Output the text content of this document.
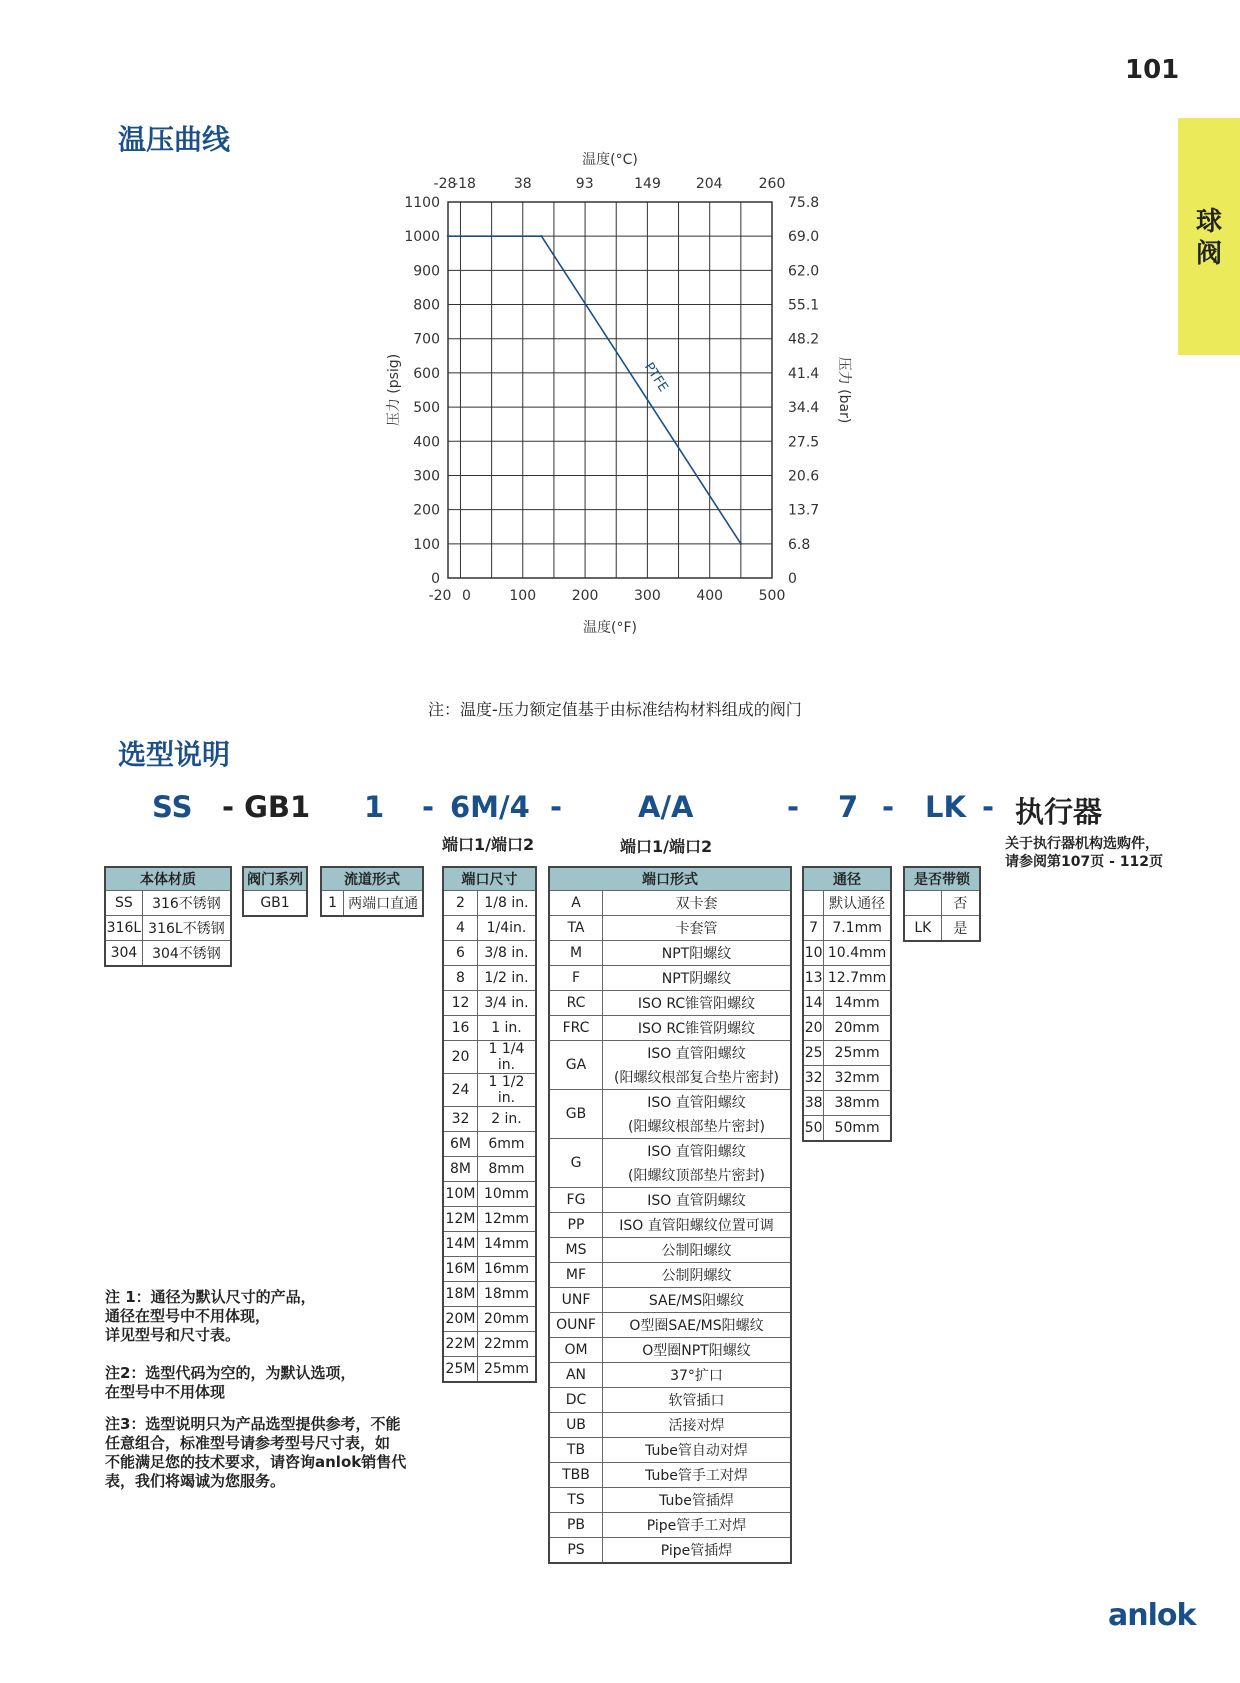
101
球阀
温压曲线
0
100
200
300
400
500
600
700
800
900
1000
1100
0
6.8
13.7
20.6
27.5
34.4
41.4
48.2
55.1
62.0
69.0
75.8
-20 0	100	200	300	400	500
-28
-18	38	93	149 204	260
温度(°C)
温度(°F)
压力 (psig)	压力 (bar)
PTFE
注：温度-压力额定值基于由标准结构材料组成的阀门
选型说明
SS - GB1 1 - 6M/4 -	A/A	- 7 - LK - 执行器
端口1/端口2	端口1/端口2	关于执行器机构选购件，
请参阅第107页 - 112页
本体材质	
SS	316不锈钢
316L	316L不锈钢
304	304不锈钢
阀门系列
GB1
流道形式
1	两端口直通
端口尺寸	
2	1/8 in.
4	1/4in.
6	3/8 in.
8	1/2 in.
12	3/4 in.
16	1 in.
20	1 1/4 in.
24	1 1/2 in.
32	2 in.
6M	6mm
8M	8mm
10M	10mm
12M	12mm
14M	14mm
16M	16mm
18M	18mm
20M	20mm
22M	22mm
25M	25mm
端口形式	
A	双卡套
TA	卡套管
M	NPT阳螺纹
F	NPT阴螺纹
RC	ISO RC锥管阳螺纹
FRC	ISO RC锥管阴螺纹
GA	ISO 直管阳螺纹
	(阳螺纹根部复合垫片密封)
GB	ISO 直管阳螺纹
	(阳螺纹根部垫片密封)
G	ISO 直管阳螺纹
	(阳螺纹顶部垫片密封)
FG	ISO 直管阴螺纹
PP	ISO 直管阳螺纹位置可调
MS	公制阳螺纹
MF	公制阴螺纹
UNF	SAE/MS阳螺纹
OUNF	O型圈SAE/MS阳螺纹
OM	O型圈NPT阳螺纹
AN	37°扩口
DC	软管插口
UB	活接对焊
TB	Tube管自动对焊
TBB	Tube管手工对焊
TS	Tube管插焊
PB	Pipe管手工对焊
PS	Pipe管插焊
通径	
	默认通径
7	7.1mm
10	10.4mm
13	12.7mm
14	14mm
20	20mm
25	25mm
32	32mm
38	38mm
50	50mm
是否带锁	
	否
LK	是
注 1：通径为默认尺寸的产品，
通径在型号中不用体现，
详见型号和尺寸表。
注2：选型代码为空的，为默认选项，
在型号中不用体现
注3：选型说明只为产品选型提供参考，不能
任意组合，标准型号请参考型号尺寸表，如
不能满足您的技术要求，请咨询anlok销售代
表，我们将竭诚为您服务。
anlok
